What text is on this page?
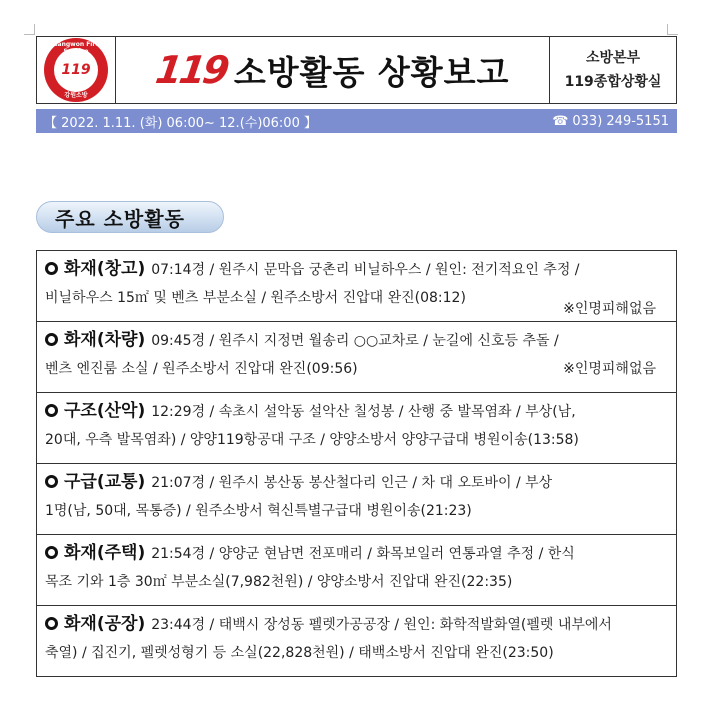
Gangwon Fire Service
119
강원소방
119 소방활동 상황보고	소방본부
119종합상황실
【 2022. 1.11. (화) 06:00∼ 12.(수)06:00 】	☎ 033) 249-5151
주요 소방활동
화재(창고) 07:14경 / 원주시 문막읍 궁촌리 비닐하우스 / 원인: 전기적요인 추정 /
비닐하우스 15㎡ 및 벤츠 부분소실 / 원주소방서 진압대 완진(08:12)
※인명피해없음
화재(차량) 09:45경 / 원주시 지정면 월송리 ○○교차로 / 눈길에 신호등 추돌 /
벤츠 엔진룸 소실 / 원주소방서 진압대 완진(09:56)	※인명피해없음
구조(산악) 12:29경 / 속초시 설악동 설악산 칠성봉 / 산행 중 발목염좌 / 부상(남,
20대, 우측 발목염좌) / 양양119항공대 구조 / 양양소방서 양양구급대 병원이송(13:58)
구급(교통) 21:07경 / 원주시 봉산동 봉산철다리 인근 / 차 대 오토바이 / 부상
1명(남, 50대, 목통증) / 원주소방서 혁신특별구급대 병원이송(21:23)
화재(주택) 21:54경 / 양양군 현남면 전포매리 / 화목보일러 연통과열 추정 / 한식
목조 기와 1층 30㎡ 부분소실(7,982천원) / 양양소방서 진압대 완진(22:35)
화재(공장) 23:44경 / 태백시 장성동 펠렛가공공장 / 원인: 화학적발화열(펠렛 내부에서
축열) / 집진기, 펠렛성형기 등 소실(22,828천원) / 태백소방서 진압대 완진(23:50)
